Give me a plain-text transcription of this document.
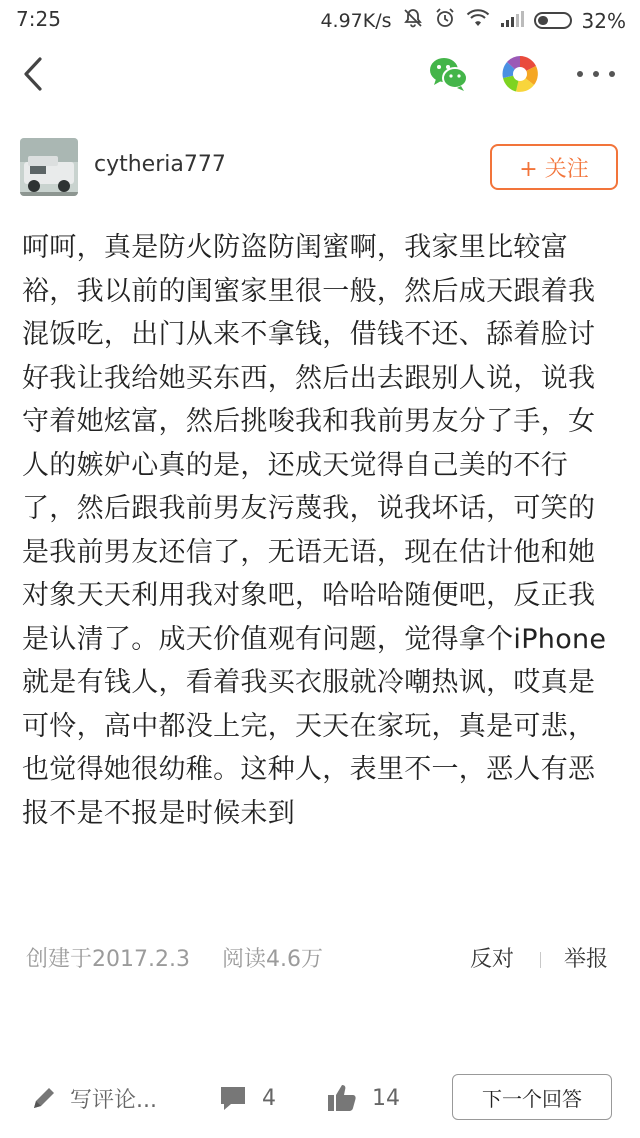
7:25	4.97K/s	32%
cytheria777	+ 关注

呵呵，真是防火防盗防闺蜜啊，我家里比较富裕，我以前的闺蜜家里很一般，然后成天跟着我混饭吃，出门从来不拿钱，借钱不还、舔着脸讨好我让我给她买东西，然后出去跟别人说，说我守着她炫富，然后挑唆我和我前男友分了手，女人的嫉妒心真的是，还成天觉得自己美的不行了，然后跟我前男友污蔑我，说我坏话，可笑的是我前男友还信了，无语无语，现在估计他和她对象天天利用我对象吧，哈哈哈随便吧，反正我是认清了。成天价值观有问题，觉得拿个iPhone就是有钱人，看着我买衣服就冷嘲热讽，哎真是可怜，高中都没上完，天天在家玩，真是可悲，也觉得她很幼稚。这种人，表里不一，恶人有恶报不是不报是时候未到

创建于2017.2.3 阅读4.6万	反对 举报
写评论...	4	14	下一个回答
